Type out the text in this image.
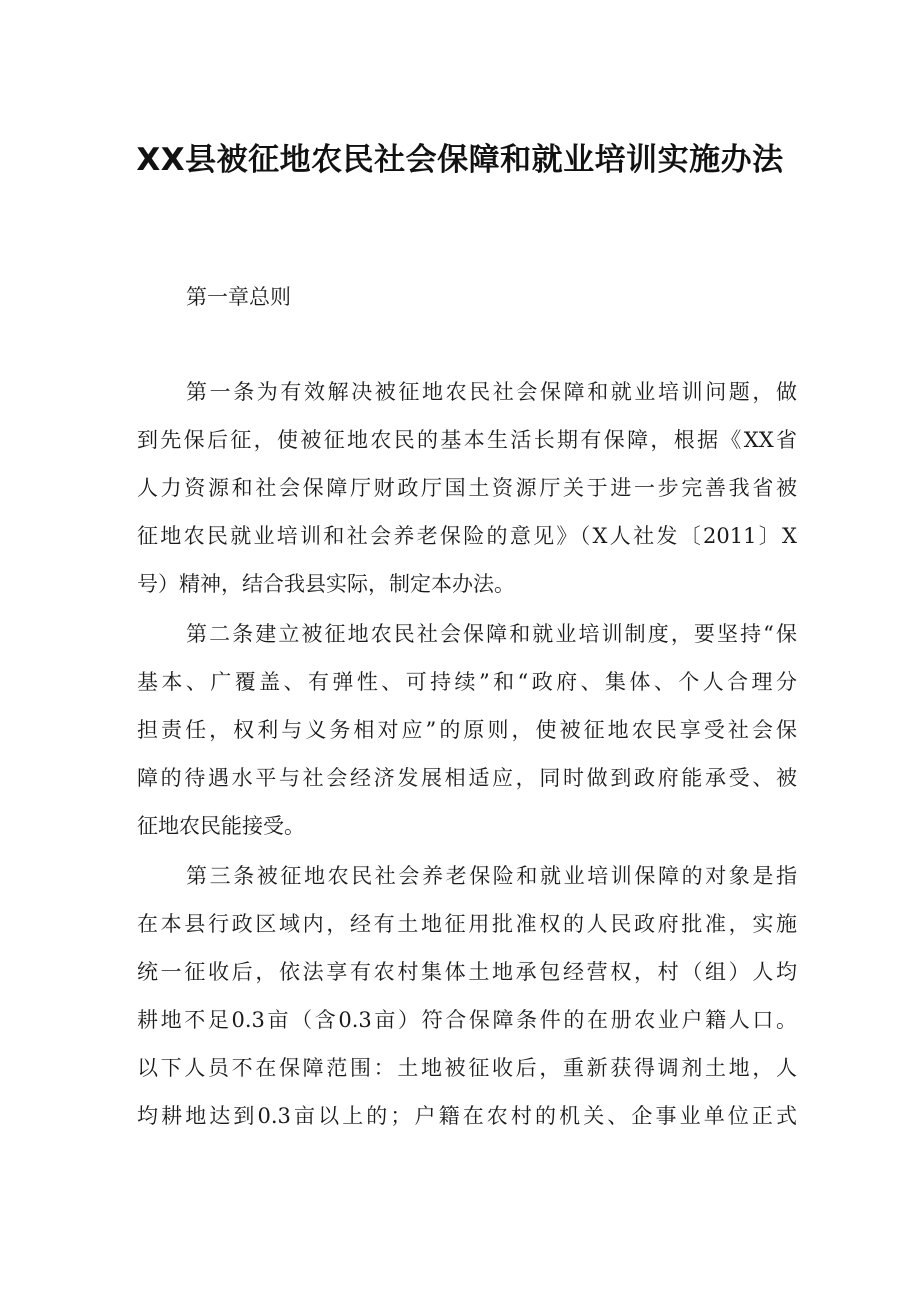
XX县被征地农民社会保障和就业培训实施办法
第一章总则
第一条为有效解决被征地农民社会保障和就业培训问题，做
到先保后征，使被征地农民的基本生活长期有保障，根据《XX省
人力资源和社会保障厅财政厅国土资源厅关于进一步完善我省被
征地农民就业培训和社会养老保险的意见》（X人社发〔2011〕X
号）精神，结合我县实际，制定本办法。
第二条建立被征地农民社会保障和就业培训制度，要坚持“保
基本、广覆盖、有弹性、可持续”和“政府、集体、个人合理分
担责任，权利与义务相对应”的原则，使被征地农民享受社会保
障的待遇水平与社会经济发展相适应，同时做到政府能承受、被
征地农民能接受。
第三条被征地农民社会养老保险和就业培训保障的对象是指
在本县行政区域内，经有土地征用批准权的人民政府批准，实施
统一征收后，依法享有农村集体土地承包经营权，村（组）人均
耕地不足0.3亩（含0.3亩）符合保障条件的在册农业户籍人口。
以下人员不在保障范围：土地被征收后，重新获得调剂土地，人
均耕地达到0.3亩以上的；户籍在农村的机关、企事业单位正式
